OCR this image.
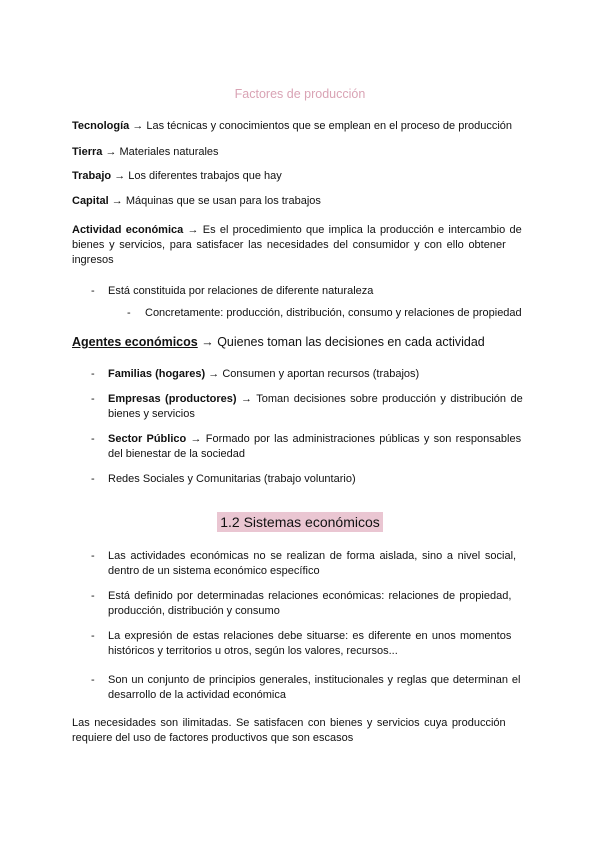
Factores de producción
Tecnología → Las técnicas y conocimientos que se emplean en el proceso de producción
Tierra → Materiales naturales
Trabajo → Los diferentes trabajos que hay
Capital → Máquinas que se usan para los trabajos
Actividad económica → Es el procedimiento que implica la producción e intercambio de
bienes y servicios, para satisfacer las necesidades del consumidor y con ello obtener
ingresos
- Está constituida por relaciones de diferente naturaleza
- Concretamente: producción, distribución, consumo y relaciones de propiedad
Agentes económicos → Quienes toman las decisiones en cada actividad
- Familias (hogares) → Consumen y aportan recursos (trabajos)
- Empresas (productores) → Toman decisiones sobre producción y distribución de
bienes y servicios
- Sector Público → Formado por las administraciones públicas y son responsables
del bienestar de la sociedad
- Redes Sociales y Comunitarias (trabajo voluntario)
1.2 Sistemas económicos
- Las actividades económicas no se realizan de forma aislada, sino a nivel social,
dentro de un sistema económico específico
- Está definido por determinadas relaciones económicas: relaciones de propiedad,
producción, distribución y consumo
- La expresión de estas relaciones debe situarse: es diferente en unos momentos
históricos y territorios u otros, según los valores, recursos...
- Son un conjunto de principios generales, institucionales y reglas que determinan el
desarrollo de la actividad económica
Las necesidades son ilimitadas. Se satisfacen con bienes y servicios cuya producción
requiere del uso de factores productivos que son escasos
